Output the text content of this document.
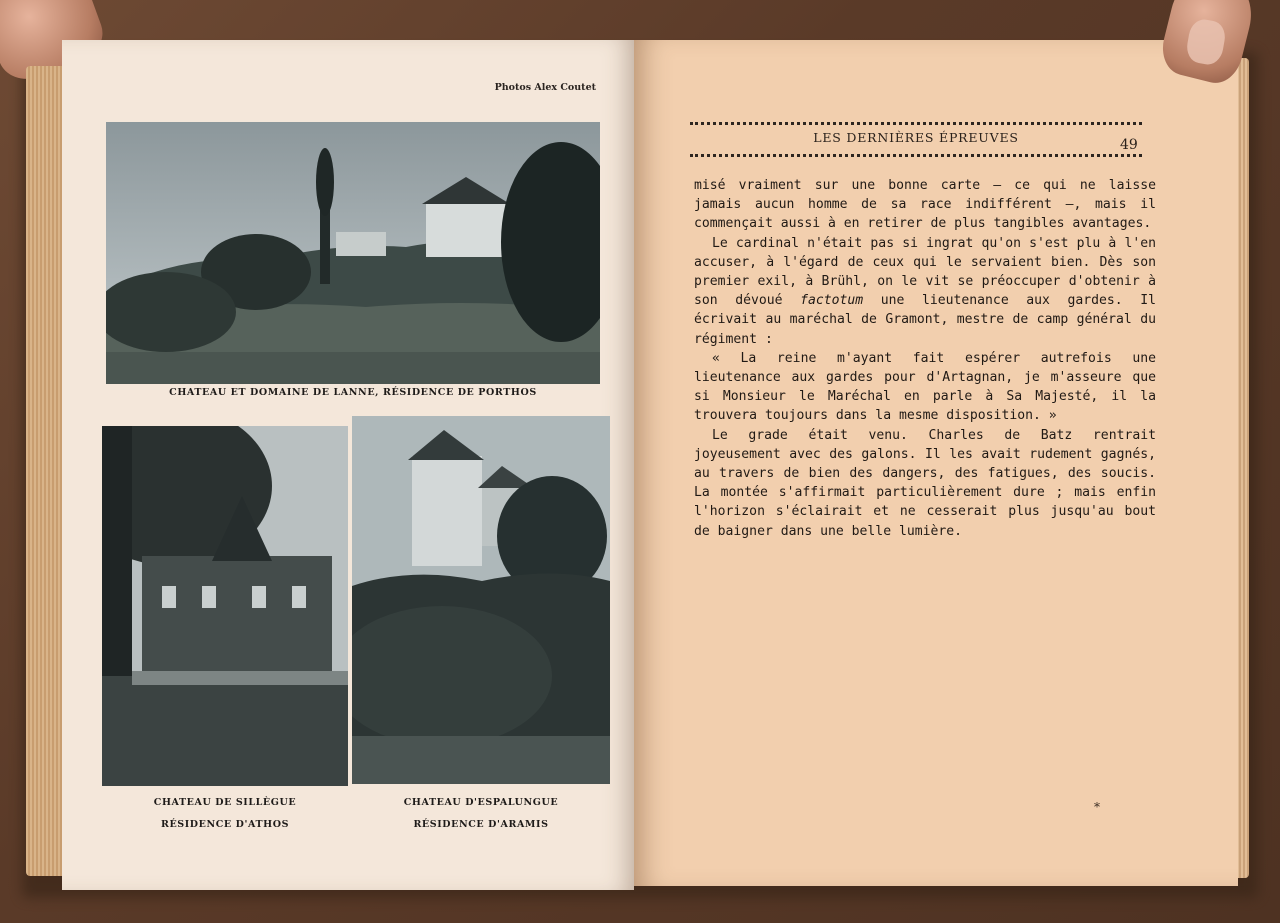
Photos Alex Coutet
CHATEAU ET DOMAINE DE LANNE, RÉSIDENCE DE PORTHOS
CHATEAU DE SILLÈGUE
RÉSIDENCE D'ATHOS
CHATEAU D'ESPALUNGUE
RÉSIDENCE D'ARAMIS
LES DERNIÈRES ÉPREUVES	49

misé vraiment sur une bonne carte — ce qui ne laisse jamais aucun homme de sa race indifférent —, mais il commençait aussi à en retirer de plus tangibles avantages.

Le cardinal n'était pas si ingrat qu'on s'est plu à l'en accuser, à l'égard de ceux qui le servaient bien. Dès son premier exil, à Brühl, on le vit se préoccuper d'obtenir à son dévoué factotum une lieutenance aux gardes. Il écrivait au maréchal de Gramont, mestre de camp général du régiment :

« La reine m'ayant fait espérer autrefois une lieutenance aux gardes pour d'Artagnan, je m'asseure que si Monsieur le Maréchal en parle à Sa Majesté, il la trouvera toujours dans la mesme disposition. »

Le grade était venu. Charles de Batz rentrait joyeusement avec des galons. Il les avait rudement gagnés, au travers de bien des dangers, des fatigues, des soucis. La montée s'affirmait particulièrement dure ; mais enfin l'horizon s'éclairait et ne cesserait plus jusqu'au bout de baigner dans une belle lumière.

*
